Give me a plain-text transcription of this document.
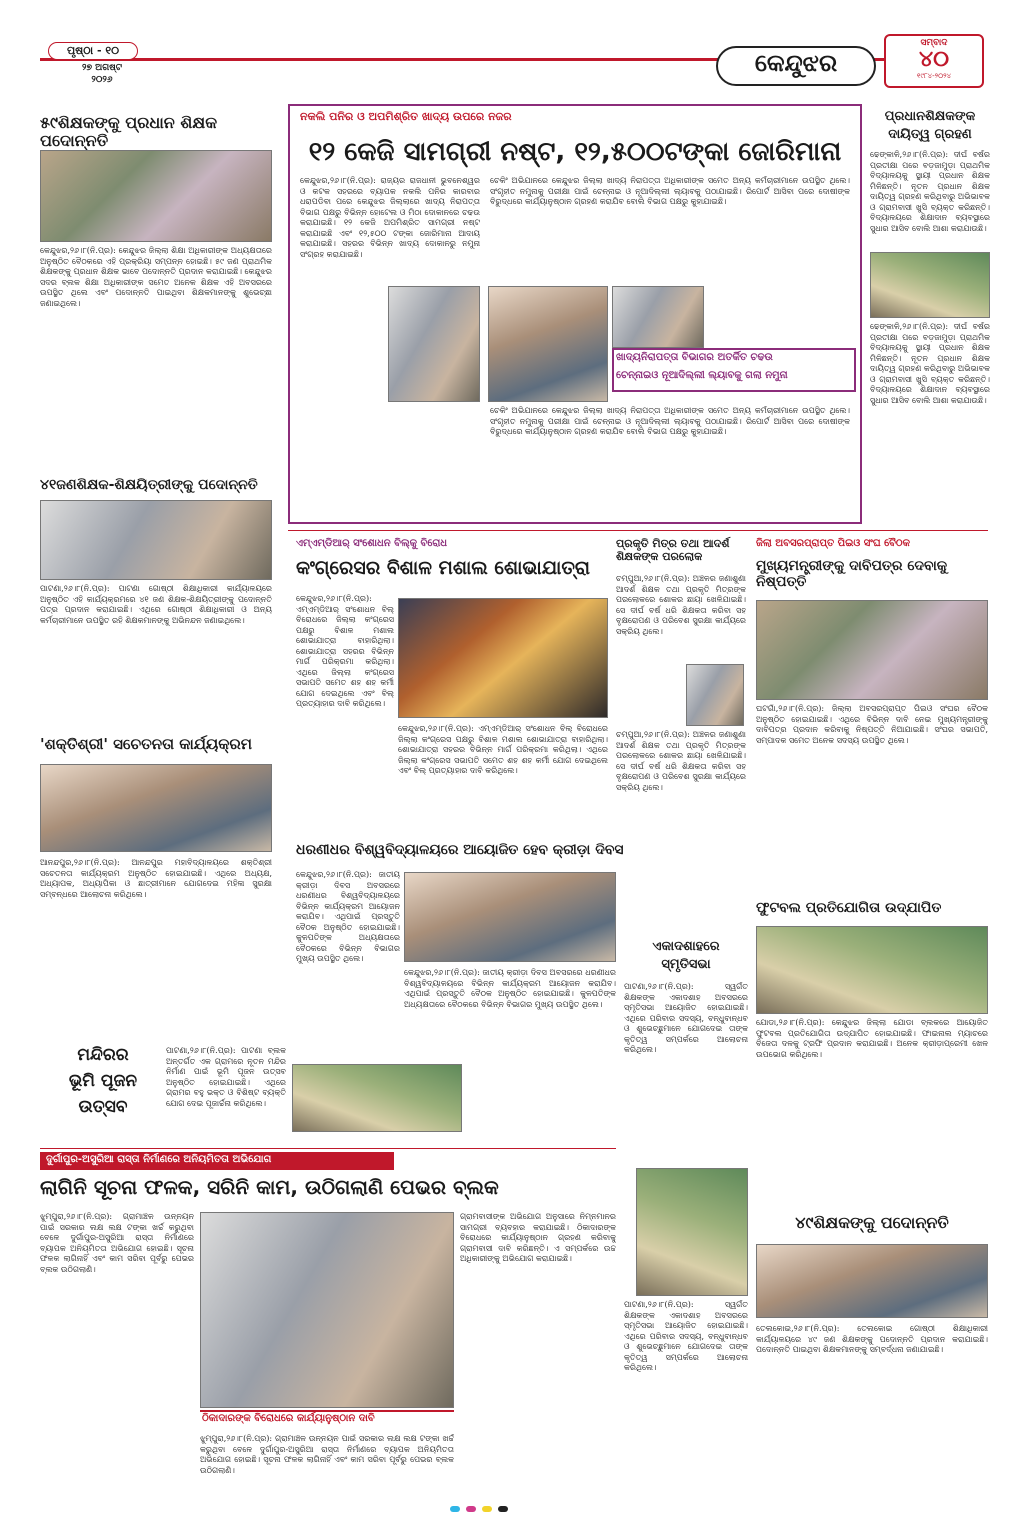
ପୃଷ୍ଠା - ୧୦
୨୭ ଅଗଷ୍ଟ
୨୦୨୬
କେନ୍ଦୁଝର
ସମ୍ବାଦ
୪୦
୧୯୮୪-୨୦୨୪
୫୯ଶିକ୍ଷକଙ୍କୁ ପ୍ରଧାନ ଶିକ୍ଷକ ପଦୋନ୍ନତି
କେନ୍ଦୁଝର,୨୬।୮(ନି.ପ୍ର): କେନ୍ଦୁଝର ଜିଲ୍ଲା ଶିକ୍ଷା ଅଧିକାରୀଙ୍କ ଅଧ୍ୟକ୍ଷତାରେ ଅନୁଷ୍ଠିତ ବୈଠକରେ ଏହି ପ୍ରକ୍ରିୟା ସମ୍ପନ୍ନ ହୋଇଛି। ୫୯ ଜଣ ପ୍ରାଥମିକ ଶିକ୍ଷକଙ୍କୁ ପ୍ରଧାନ ଶିକ୍ଷକ ଭାବେ ପଦୋନ୍ନତି ପ୍ରଦାନ କରାଯାଇଛି। କେନ୍ଦୁଝର ସଦର ବ୍ଲକ ଶିକ୍ଷା ଅଧିକାରୀଙ୍କ ସମେତ ଅନେକ ଶିକ୍ଷକ ଏହି ଅବସରରେ ଉପସ୍ଥିତ ଥିଲେ ଏବଂ ପଦୋନ୍ନତି ପାଇଥିବା ଶିକ୍ଷକମାନଙ୍କୁ ଶୁଭେଚ୍ଛା ଜଣାଇଥିଲେ।
୪୧ଜଣଶିକ୍ଷକ-ଶିକ୍ଷୟିତ୍ରୀଙ୍କୁ ପଦୋନ୍ନତି
ପାଟଣା,୨୬।୮(ନି.ପ୍ର): ପାଟଣା ଗୋଷ୍ଠୀ ଶିକ୍ଷାଧିକାରୀ କାର୍ଯ୍ୟାଳୟରେ ଅନୁଷ୍ଠିତ ଏହି କାର୍ଯ୍ୟକ୍ରମରେ ୪୧ ଜଣ ଶିକ୍ଷକ-ଶିକ୍ଷୟିତ୍ରୀଙ୍କୁ ପଦୋନ୍ନତି ପତ୍ର ପ୍ରଦାନ କରାଯାଇଛି। ଏଥିରେ ଗୋଷ୍ଠୀ ଶିକ୍ଷାଧିକାରୀ ଓ ଅନ୍ୟ କର୍ମଚାରୀମାନେ ଉପସ୍ଥିତ ରହି ଶିକ୍ଷକମାନଙ୍କୁ ଅଭିନନ୍ଦନ ଜଣାଇଥିଲେ।
'ଶକ୍ତିଶ୍ରୀ' ସଚେତନତା କାର୍ଯ୍ୟକ୍ରମ
ଆନନ୍ଦପୁର,୨୬।୮(ନି.ପ୍ର): ଆନନ୍ଦପୁର ମହାବିଦ୍ୟାଳୟରେ ଶକ୍ତିଶ୍ରୀ ସଚେତନତା କାର୍ଯ୍ୟକ୍ରମ ଅନୁଷ୍ଠିତ ହୋଇଯାଇଛି। ଏଥିରେ ଅଧ୍ୟକ୍ଷ, ଅଧ୍ୟାପକ, ଅଧ୍ୟାପିକା ଓ ଛାତ୍ରୀମାନେ ଯୋଗଦେଇ ମହିଳା ସୁରକ୍ଷା ସମ୍ବନ୍ଧରେ ଆଲୋଚନା କରିଥିଲେ।
ମନ୍ଦିରର
ଭୂମି ପୂଜନ
ଉତ୍ସବ
ପାଟଣା,୨୬।୮(ନି.ପ୍ର): ପାଟଣା ବ୍ଲକ ଅନ୍ତର୍ଗତ ଏକ ଗ୍ରାମରେ ନୂତନ ମନ୍ଦିର ନିର୍ମାଣ ପାଇଁ ଭୂମି ପୂଜନ ଉତ୍ସବ ଅନୁଷ୍ଠିତ ହୋଇଯାଇଛି। ଏଥିରେ ଗ୍ରାମର ବହୁ ଭକ୍ତ ଓ ବିଶିଷ୍ଟ ବ୍ୟକ୍ତି ଯୋଗ ଦେଇ ପୂଜାର୍ଚ୍ଚନା କରିଥିଲେ।
ନକଲି ପନିର ଓ ଅପମିଶ୍ରିତ ଖାଦ୍ୟ ଉପରେ ନଜର
୧୨ କେଜି ସାମଗ୍ରୀ ନଷ୍ଟ, ୧୨,୫୦୦ଟଙ୍କା ଜୋରିମାନା
କେନ୍ଦୁଝର,୨୬।୮(ନି.ପ୍ର): ରାଜ୍ୟର ରାଜଧାନୀ ଭୁବନେଶ୍ୱର ଓ କଟକ ସହରରେ ବ୍ୟାପକ ନକଲି ପନିର କାରବାର ଧରାପଡିବା ପରେ କେନ୍ଦୁଝର ଜିଲ୍ଲାରେ ଖାଦ୍ୟ ନିରାପତ୍ତା ବିଭାଗ ପକ୍ଷରୁ ବିଭିନ୍ନ ହୋଟେଲ ଓ ମିଠା ଦୋକାନରେ ଚଢଉ କରାଯାଇଛି। ୧୨ କେଜି ଅପମିଶ୍ରିତ ସାମଗ୍ରୀ ନଷ୍ଟ କରାଯାଇଛି ଏବଂ ୧୨,୫୦୦ ଟଙ୍କା ଜୋରିମାନା ଆଦାୟ କରାଯାଇଛି। ସହରର ବିଭିନ୍ନ ଖାଦ୍ୟ ଦୋକାନରୁ ନମୁନା ସଂଗ୍ରହ କରାଯାଇଛି।
ଚେକିଂ ଅଭିଯାନରେ କେନ୍ଦୁଝର ଜିଲ୍ଲା ଖାଦ୍ୟ ନିରାପତ୍ତା ଅଧିକାରୀଙ୍କ ସମେତ ଅନ୍ୟ କର୍ମଚାରୀମାନେ ଉପସ୍ଥିତ ଥିଲେ। ସଂଗୃହୀତ ନମୁନାକୁ ପରୀକ୍ଷା ପାଇଁ ଚେନ୍ନାଇ ଓ ନୂଆଦିଲ୍ଲୀ ଲ୍ୟାବକୁ ପଠାଯାଇଛି। ରିପୋର୍ଟ ଆସିବା ପରେ ଦୋଷୀଙ୍କ ବିରୁଦ୍ଧରେ କାର୍ଯ୍ୟାନୁଷ୍ଠାନ ଗ୍ରହଣ କରାଯିବ ବୋଲି ବିଭାଗ ପକ୍ଷରୁ କୁହାଯାଇଛି।
ଖାଦ୍ୟନିରାପତ୍ତା ବିଭାଗର ଅତର୍କିତ ଚଢଉ
ଚେନ୍ନାଇଓ ନୂଆଦିଲ୍ଲୀ ଲ୍ୟାବକୁ ଗଲା ନମୁନା
ଚେକିଂ ଅଭିଯାନରେ କେନ୍ଦୁଝର ଜିଲ୍ଲା ଖାଦ୍ୟ ନିରାପତ୍ତା ଅଧିକାରୀଙ୍କ ସମେତ ଅନ୍ୟ କର୍ମଚାରୀମାନେ ଉପସ୍ଥିତ ଥିଲେ। ସଂଗୃହୀତ ନମୁନାକୁ ପରୀକ୍ଷା ପାଇଁ ଚେନ୍ନାଇ ଓ ନୂଆଦିଲ୍ଲୀ ଲ୍ୟାବକୁ ପଠାଯାଇଛି। ରିପୋର୍ଟ ଆସିବା ପରେ ଦୋଷୀଙ୍କ ବିରୁଦ୍ଧରେ କାର୍ଯ୍ୟାନୁଷ୍ଠାନ ଗ୍ରହଣ କରାଯିବ ବୋଲି ବିଭାଗ ପକ୍ଷରୁ କୁହାଯାଇଛି।
ପ୍ରଧାନଶିକ୍ଷକଙ୍କ
ଦାୟିତ୍ୱ ଗ୍ରହଣ
ଢେଙ୍କାଳି,୨୬।୮(ନି.ପ୍ର): ଦୀର୍ଘ ବର୍ଷର ପ୍ରତୀକ୍ଷା ପରେ ବଡ଼ଜାମୁଡ଼ା ପ୍ରାଥମିକ ବିଦ୍ୟାଳୟକୁ ସ୍ଥାୟୀ ପ୍ରଧାନ ଶିକ୍ଷକ ମିଳିଛନ୍ତି। ନୂତନ ପ୍ରଧାନ ଶିକ୍ଷକ ଦାୟିତ୍ୱ ଗ୍ରହଣ କରିଥିବାରୁ ଅଭିଭାବକ ଓ ଗ୍ରାମବାସୀ ଖୁସି ବ୍ୟକ୍ତ କରିଛନ୍ତି। ବିଦ୍ୟାଳୟରେ ଶିକ୍ଷାଦାନ ବ୍ୟବସ୍ଥାରେ ସୁଧାର ଆସିବ ବୋଲି ଆଶା କରାଯାଉଛି।
ଢେଙ୍କାଳି,୨୬।୮(ନି.ପ୍ର): ଦୀର୍ଘ ବର୍ଷର ପ୍ରତୀକ୍ଷା ପରେ ବଡ଼ଜାମୁଡ଼ା ପ୍ରାଥମିକ ବିଦ୍ୟାଳୟକୁ ସ୍ଥାୟୀ ପ୍ରଧାନ ଶିକ୍ଷକ ମିଳିଛନ୍ତି। ନୂତନ ପ୍ରଧାନ ଶିକ୍ଷକ ଦାୟିତ୍ୱ ଗ୍ରହଣ କରିଥିବାରୁ ଅଭିଭାବକ ଓ ଗ୍ରାମବାସୀ ଖୁସି ବ୍ୟକ୍ତ କରିଛନ୍ତି। ବିଦ୍ୟାଳୟରେ ଶିକ୍ଷାଦାନ ବ୍ୟବସ୍ଥାରେ ସୁଧାର ଆସିବ ବୋଲି ଆଶା କରାଯାଉଛି।
ଏମ୍‌ଏମ୍‌ଡିଆର୍ ସଂଶୋଧନ ବିଲ୍‌କୁ ବିରୋଧ
କଂଗ୍ରେସର ବିଶାଳ ମଶାଲ ଶୋଭାଯାତ୍ରା
କେନ୍ଦୁଝର,୨୬।୮(ନି.ପ୍ର): ଏମ୍‌ଏମ୍‌ଡିଆର୍ ସଂଶୋଧନ ବିଲ୍ ବିରୋଧରେ ଜିଲ୍ଲା କଂଗ୍ରେସ ପକ୍ଷରୁ ବିଶାଳ ମଶାଲ ଶୋଭାଯାତ୍ରା ବାହାରିଥିଲା। ଶୋଭାଯାତ୍ରା ସହରର ବିଭିନ୍ନ ମାର୍ଗ ପରିକ୍ରମା କରିଥିଲା। ଏଥିରେ ଜିଲ୍ଲା କଂଗ୍ରେସ ସଭାପତି ସମେତ ଶହ ଶହ କର୍ମୀ ଯୋଗ ଦେଇଥିଲେ ଏବଂ ବିଲ୍ ପ୍ରତ୍ୟାହାର ଦାବି କରିଥିଲେ।
କେନ୍ଦୁଝର,୨୬।୮(ନି.ପ୍ର): ଏମ୍‌ଏମ୍‌ଡିଆର୍ ସଂଶୋଧନ ବିଲ୍ ବିରୋଧରେ ଜିଲ୍ଲା କଂଗ୍ରେସ ପକ୍ଷରୁ ବିଶାଳ ମଶାଲ ଶୋଭାଯାତ୍ରା ବାହାରିଥିଲା। ଶୋଭାଯାତ୍ରା ସହରର ବିଭିନ୍ନ ମାର୍ଗ ପରିକ୍ରମା କରିଥିଲା। ଏଥିରେ ଜିଲ୍ଲା କଂଗ୍ରେସ ସଭାପତି ସମେତ ଶହ ଶହ କର୍ମୀ ଯୋଗ ଦେଇଥିଲେ ଏବଂ ବିଲ୍ ପ୍ରତ୍ୟାହାର ଦାବି କରିଥିଲେ।
ପ୍ରକୃତି ମିତ୍ର ତଥା ଆଦର୍ଶ ଶିକ୍ଷକଙ୍କ ପରଲୋକ
ଚମ୍ପୁଆ,୨୬।୮(ନି.ପ୍ର): ଅଞ୍ଚଳର ଜଣାଶୁଣା ଆଦର୍ଶ ଶିକ୍ଷକ ତଥା ପ୍ରକୃତି ମିତ୍ରଙ୍କ ପରଲୋକରେ ଶୋକର ଛାୟା ଖେଳିଯାଇଛି। ସେ ଦୀର୍ଘ ବର୍ଷ ଧରି ଶିକ୍ଷକତା କରିବା ସହ ବୃକ୍ଷରୋପଣ ଓ ପରିବେଶ ସୁରକ୍ଷା କାର୍ଯ୍ୟରେ ସକ୍ରିୟ ଥିଲେ।
ଚମ୍ପୁଆ,୨୬।୮(ନି.ପ୍ର): ଅଞ୍ଚଳର ଜଣାଶୁଣା ଆଦର୍ଶ ଶିକ୍ଷକ ତଥା ପ୍ରକୃତି ମିତ୍ରଙ୍କ ପରଲୋକରେ ଶୋକର ଛାୟା ଖେଳିଯାଇଛି। ସେ ଦୀର୍ଘ ବର୍ଷ ଧରି ଶିକ୍ଷକତା କରିବା ସହ ବୃକ୍ଷରୋପଣ ଓ ପରିବେଶ ସୁରକ୍ଷା କାର୍ଯ୍ୟରେ ସକ୍ରିୟ ଥିଲେ।
ଜିଲା ଅବସରପ୍ରାପ୍ତ ପିଇଓ ସଂଘ ବୈଠକ
ମୁଖ୍ୟମନ୍ତ୍ରୀଙ୍କୁ ଦାବିପତ୍ର ଦେବାକୁ ନିଷ୍ପତ୍ତି
ଘଟଗାଁ,୨୬।୮(ନି.ପ୍ର): ଜିଲ୍ଲା ଅବସରପ୍ରାପ୍ତ ପିଇଓ ସଂଘର ବୈଠକ ଅନୁଷ୍ଠିତ ହୋଇଯାଇଛି। ଏଥିରେ ବିଭିନ୍ନ ଦାବି ନେଇ ମୁଖ୍ୟମନ୍ତ୍ରୀଙ୍କୁ ଦାବିପତ୍ର ପ୍ରଦାନ କରିବାକୁ ନିଷ୍ପତ୍ତି ନିଆଯାଇଛି। ସଂଘର ସଭାପତି, ସମ୍ପାଦକ ସମେତ ଅନେକ ସଦସ୍ୟ ଉପସ୍ଥିତ ଥିଲେ।
ଧରଣୀଧର ବିଶ୍ୱବିଦ୍ୟାଳୟରେ ଆୟୋଜିତ ହେବ କ୍ରୀଡ଼ା ଦିବସ
କେନ୍ଦୁଝର,୨୬।୮(ନି.ପ୍ର): ଜାତୀୟ କ୍ରୀଡ଼ା ଦିବସ ଅବସରରେ ଧରଣୀଧର ବିଶ୍ୱବିଦ୍ୟାଳୟରେ ବିଭିନ୍ନ କାର୍ଯ୍ୟକ୍ରମ ଆୟୋଜନ କରାଯିବ। ଏଥିପାଇଁ ପ୍ରସ୍ତୁତି ବୈଠକ ଅନୁଷ୍ଠିତ ହୋଇଯାଇଛି। କୁଳପତିଙ୍କ ଅଧ୍ୟକ୍ଷତାରେ ବୈଠକରେ ବିଭିନ୍ନ ବିଭାଗର ମୁଖ୍ୟ ଉପସ୍ଥିତ ଥିଲେ।
କେନ୍ଦୁଝର,୨୬।୮(ନି.ପ୍ର): ଜାତୀୟ କ୍ରୀଡ଼ା ଦିବସ ଅବସରରେ ଧରଣୀଧର ବିଶ୍ୱବିଦ୍ୟାଳୟରେ ବିଭିନ୍ନ କାର୍ଯ୍ୟକ୍ରମ ଆୟୋଜନ କରାଯିବ। ଏଥିପାଇଁ ପ୍ରସ୍ତୁତି ବୈଠକ ଅନୁଷ୍ଠିତ ହୋଇଯାଇଛି। କୁଳପତିଙ୍କ ଅଧ୍ୟକ୍ଷତାରେ ବୈଠକରେ ବିଭିନ୍ନ ବିଭାଗର ମୁଖ୍ୟ ଉପସ୍ଥିତ ଥିଲେ।
ଏକାଦଶାହରେ
ସ୍ମୃତିସଭା
ପାଟଣା,୨୬।୮(ନି.ପ୍ର): ସ୍ୱର୍ଗତ ଶିକ୍ଷକଙ୍କ ଏକାଦଶାହ ଅବସରରେ ସ୍ମୃତିସଭା ଆୟୋଜିତ ହୋଇଯାଇଛି। ଏଥିରେ ପରିବାର ସଦସ୍ୟ, ବନ୍ଧୁବାନ୍ଧବ ଓ ଶୁଭେଚ୍ଛୁମାନେ ଯୋଗଦେଇ ତାଙ୍କ କୃତିତ୍ୱ ସମ୍ପର୍କରେ ଆଲୋଚନା କରିଥିଲେ।
ପାଟଣା,୨୬।୮(ନି.ପ୍ର): ସ୍ୱର୍ଗତ ଶିକ୍ଷକଙ୍କ ଏକାଦଶାହ ଅବସରରେ ସ୍ମୃତିସଭା ଆୟୋଜିତ ହୋଇଯାଇଛି। ଏଥିରେ ପରିବାର ସଦସ୍ୟ, ବନ୍ଧୁବାନ୍ଧବ ଓ ଶୁଭେଚ୍ଛୁମାନେ ଯୋଗଦେଇ ତାଙ୍କ କୃତିତ୍ୱ ସମ୍ପର୍କରେ ଆଲୋଚନା କରିଥିଲେ।
ଫୁଟବଲ ପ୍ରତିଯୋଗିତା ଉଦ୍‌ଯାପିତ
ଯୋଡା,୨୬।୮(ନି.ପ୍ର): କେନ୍ଦୁଝର ଜିଲ୍ଲା ଯୋଡା ବ୍ଲକରେ ଆୟୋଜିତ ଫୁଟବଲ ପ୍ରତିଯୋଗିତା ଉଦ୍‌ଯାପିତ ହୋଇଯାଇଛି। ଫାଇନାଲ ମ୍ୟାଚରେ ବିଜେତା ଦଳକୁ ଟ୍ରଫି ପ୍ରଦାନ କରାଯାଇଛି। ଅନେକ କ୍ରୀଡ଼ାପ୍ରେମୀ ଖେଳ ଉପଭୋଗ କରିଥିଲେ।
୪୯ଶିକ୍ଷକଙ୍କୁ ପଦୋନ୍ନତି
ତେଲକୋଇ,୨୬।୮(ନି.ପ୍ର): ତେଲକୋଇ ଗୋଷ୍ଠୀ ଶିକ୍ଷାଧିକାରୀ କାର୍ଯ୍ୟାଳୟରେ ୪୯ ଜଣ ଶିକ୍ଷକଙ୍କୁ ପଦୋନ୍ନତି ପ୍ରଦାନ କରାଯାଇଛି। ପଦୋନ୍ନତି ପାଇଥିବା ଶିକ୍ଷକମାନଙ୍କୁ ସମ୍ବର୍ଦ୍ଧନା ଜଣାଯାଇଛି।
ଦୁର୍ଗାପୁର-ଅସୁରିଆ ରାସ୍ତା ନିର୍ମାଣରେ ଅନିୟମିତତା ଅଭିଯୋଗ
ଲାଗିନି ସୂଚନା ଫଳକ, ସରିନି କାମ, ଉଠିଗଲାଣି ପେଭର ବ୍ଲକ
ଝୁମ୍ପୁରା,୨୬।୮(ନି.ପ୍ର): ଗ୍ରାମାଞ୍ଚଳ ଉନ୍ନୟନ ପାଇଁ ସରକାର ଲକ୍ଷ ଲକ୍ଷ ଟଙ୍କା ଖର୍ଚ୍ଚ କରୁଥିବା ବେଳେ ଦୁର୍ଗାପୁର-ଅସୁରିଆ ରାସ୍ତା ନିର୍ମାଣରେ ବ୍ୟାପକ ଅନିୟମିତତା ଅଭିଯୋଗ ହୋଇଛି। ସୂଚନା ଫଳକ ଲାଗିନାହିଁ ଏବଂ କାମ ସରିବା ପୂର୍ବରୁ ପେଭର ବ୍ଲକ ଉଠିଗଲାଣି।
ଠିକାଦାରଙ୍କ ବିରୋଧରେ କାର୍ଯ୍ୟାନୁଷ୍ଠାନ ଦାବି
ଗ୍ରାମବାସୀଙ୍କ ଅଭିଯୋଗ ଅନୁସାରେ ନିମ୍ନମାନର ସାମଗ୍ରୀ ବ୍ୟବହାର କରାଯାଇଛି। ଠିକାଦାରଙ୍କ ବିରୋଧରେ କାର୍ଯ୍ୟାନୁଷ୍ଠାନ ଗ୍ରହଣ କରିବାକୁ ଗ୍ରାମବାସୀ ଦାବି କରିଛନ୍ତି। ଏ ସମ୍ପର୍କରେ ଉଚ୍ଚ ଅଧିକାରୀଙ୍କୁ ଅଭିଯୋଗ କରାଯାଇଛି।
ଝୁମ୍ପୁରା,୨୬।୮(ନି.ପ୍ର): ଗ୍ରାମାଞ୍ଚଳ ଉନ୍ନୟନ ପାଇଁ ସରକାର ଲକ୍ଷ ଲକ୍ଷ ଟଙ୍କା ଖର୍ଚ୍ଚ କରୁଥିବା ବେଳେ ଦୁର୍ଗାପୁର-ଅସୁରିଆ ରାସ୍ତା ନିର୍ମାଣରେ ବ୍ୟାପକ ଅନିୟମିତତା ଅଭିଯୋଗ ହୋଇଛି। ସୂଚନା ଫଳକ ଲାଗିନାହିଁ ଏବଂ କାମ ସରିବା ପୂର୍ବରୁ ପେଭର ବ୍ଲକ ଉଠିଗଲାଣି।
